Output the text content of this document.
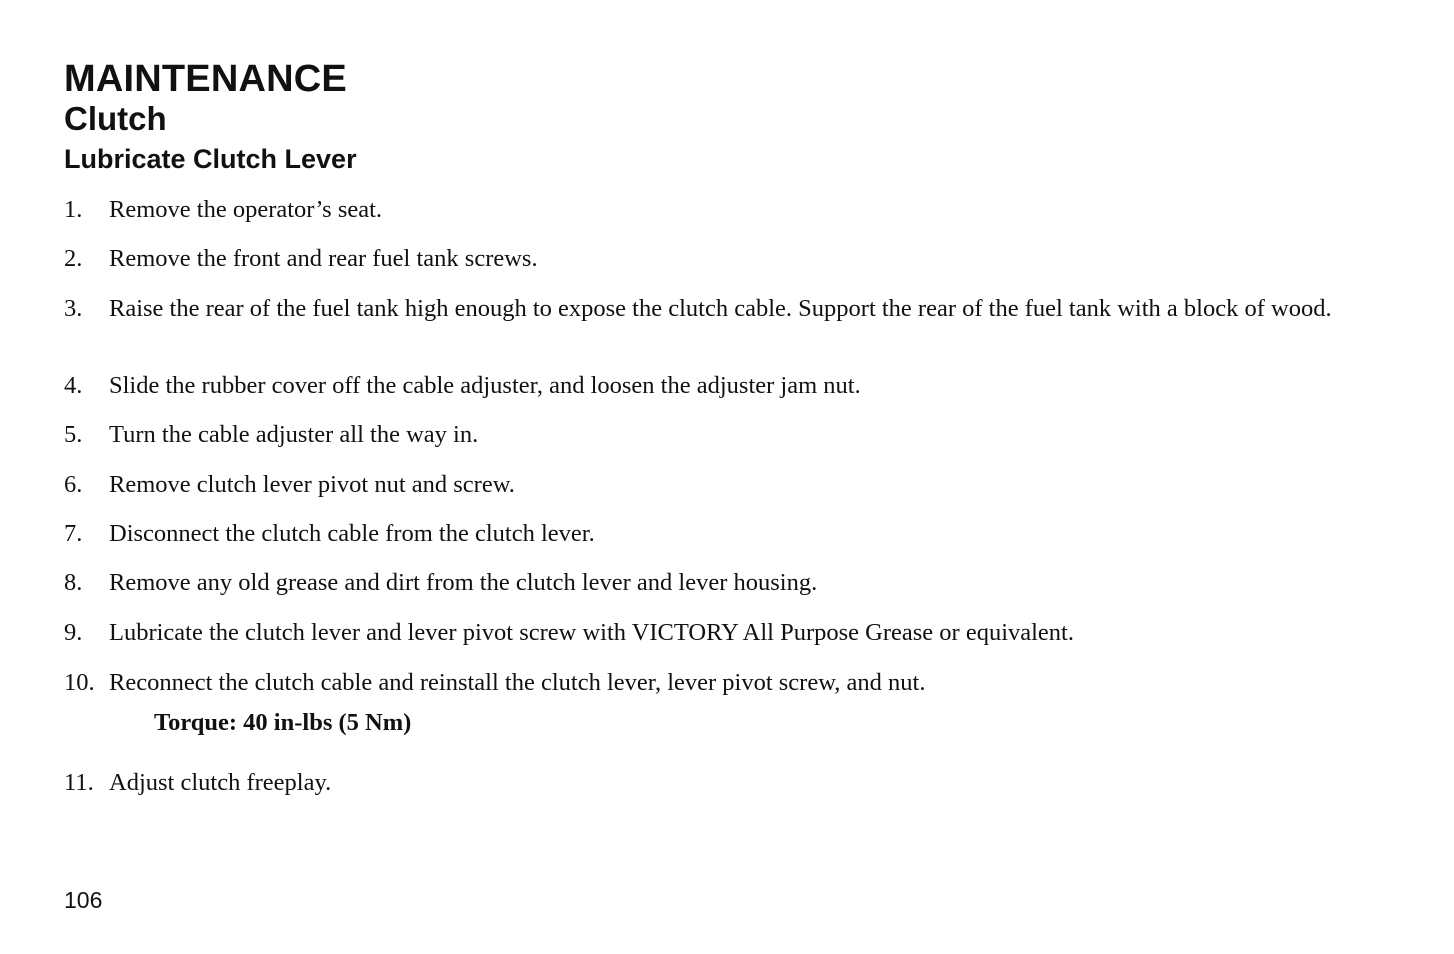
MAINTENANCE
Clutch
Lubricate Clutch Lever
1.	Remove the operator’s seat.
2.	Remove the front and rear fuel tank screws.
3.	Raise the rear of the fuel tank high enough to expose the clutch cable. Support the rear of the fuel tank with a block of wood.
4.	Slide the rubber cover off the cable adjuster, and loosen the adjuster jam nut.
5.	Turn the cable adjuster all the way in.
6.	Remove clutch lever pivot nut and screw.
7.	Disconnect the clutch cable from the clutch lever.
8.	Remove any old grease and dirt from the clutch lever and lever housing.
9.	Lubricate the clutch lever and lever pivot screw with VICTORY All Purpose Grease or equivalent.
10. Reconnect the clutch cable and reinstall the clutch lever, lever pivot screw, and nut.
11. Adjust clutch freeplay.
Torque: 40 in-lbs (5 Nm)
106
